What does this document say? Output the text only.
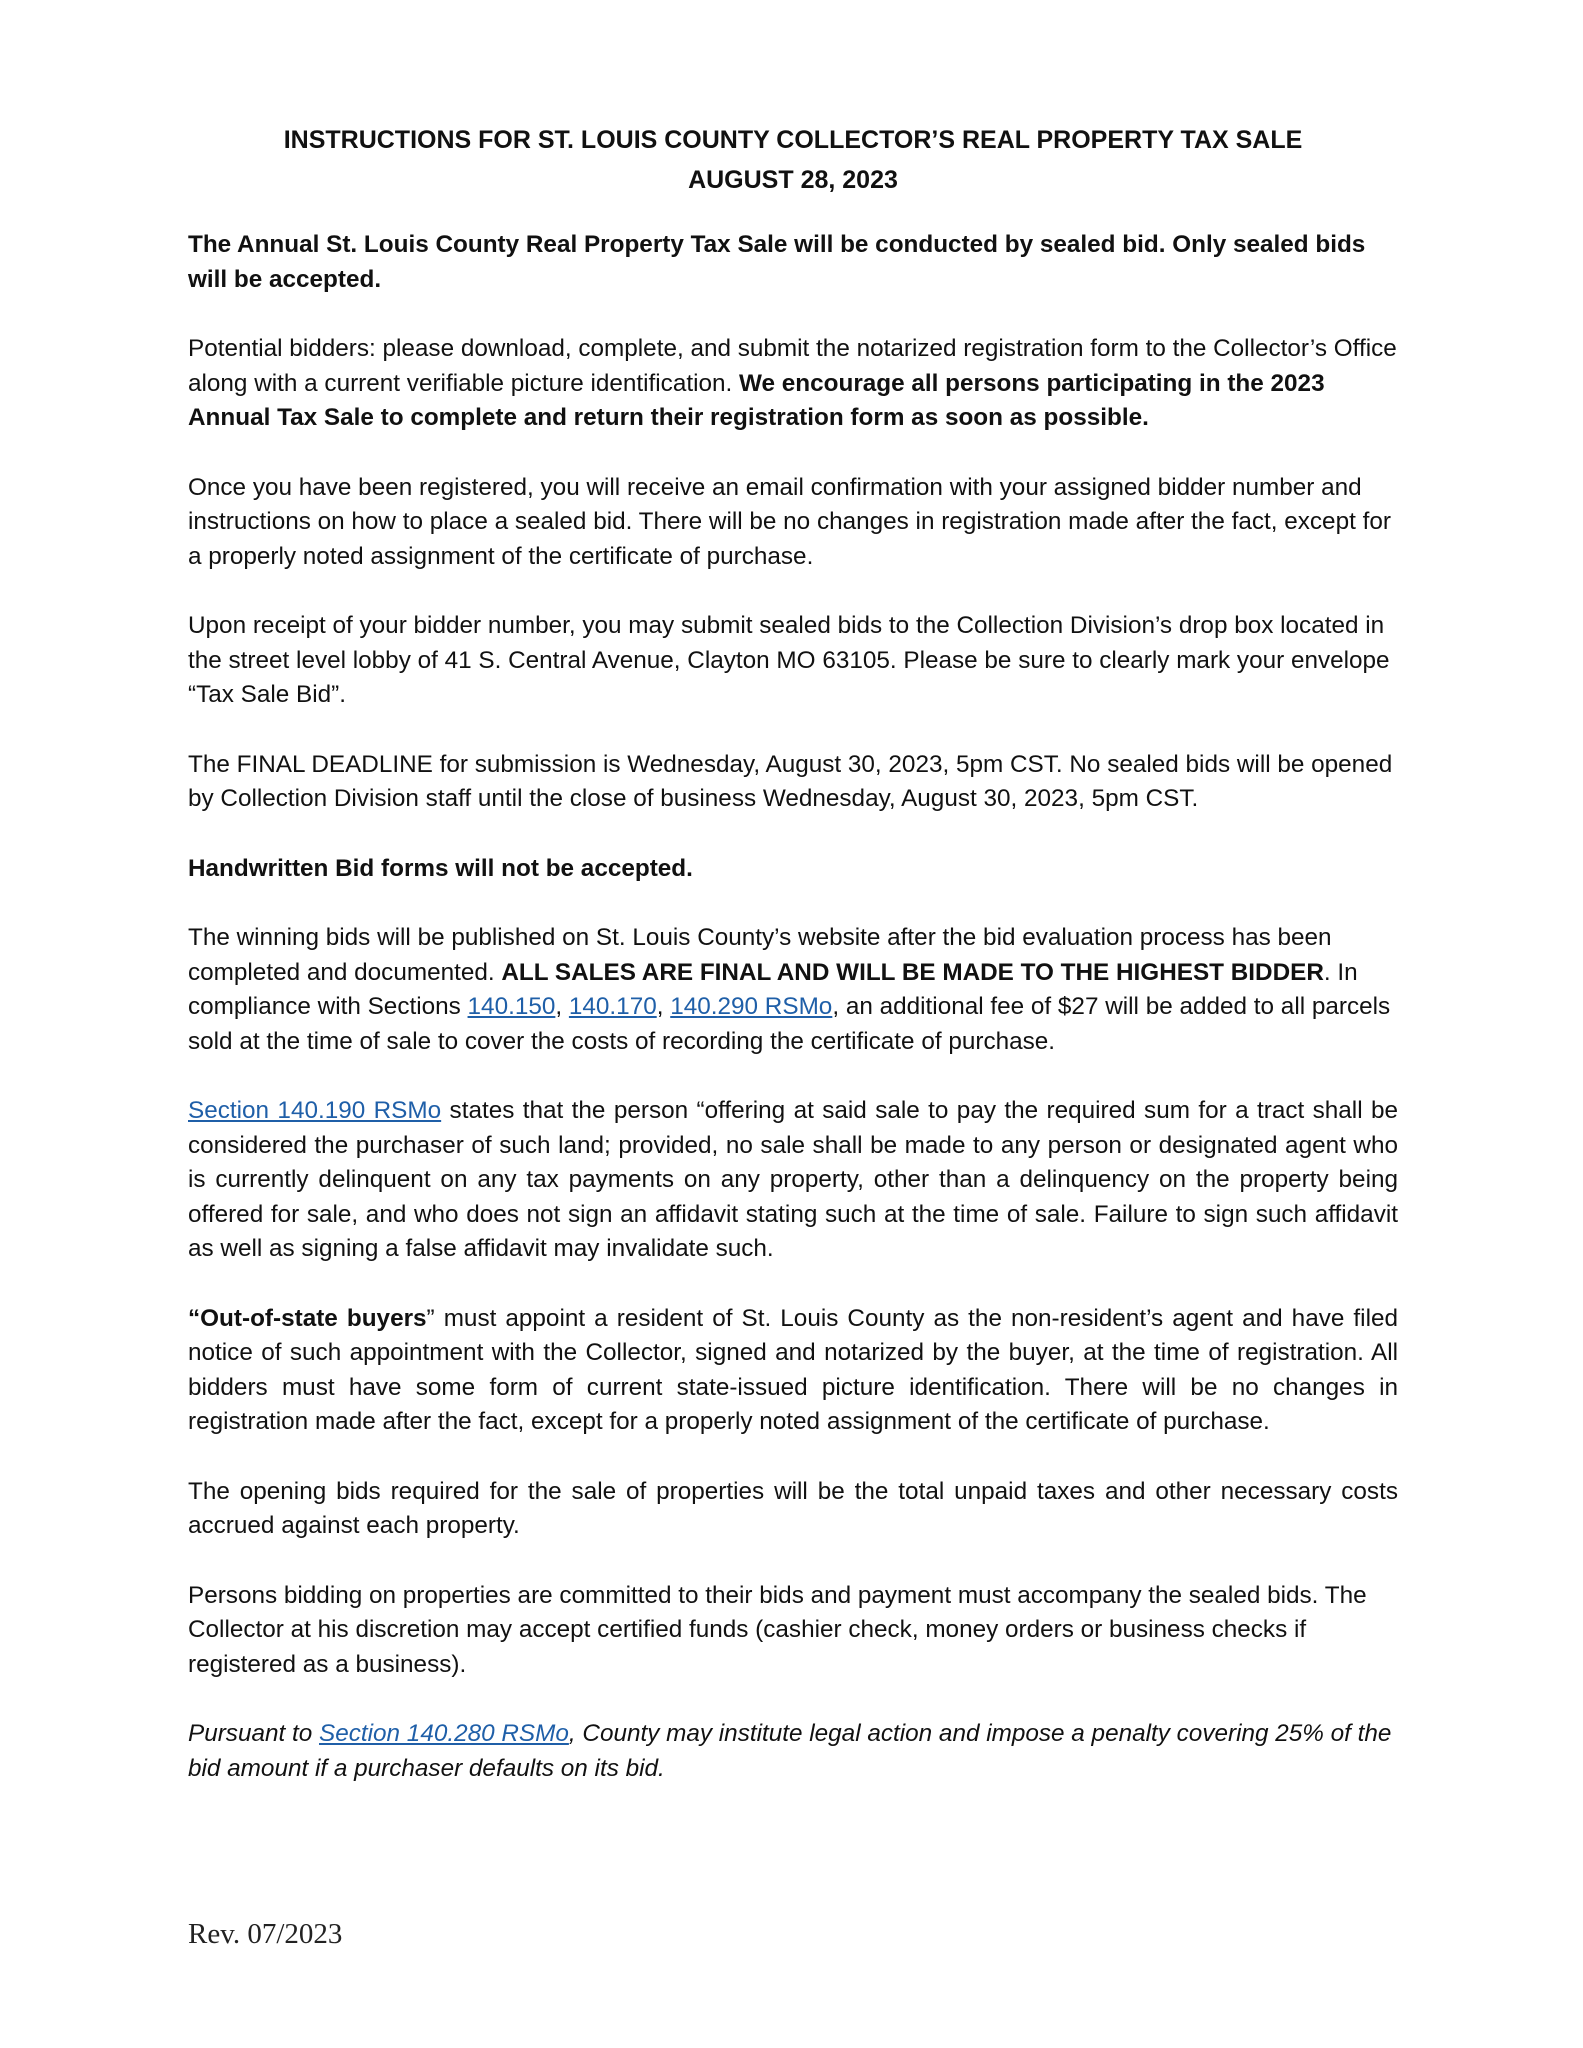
INSTRUCTIONS FOR ST. LOUIS COUNTY COLLECTOR’S REAL PROPERTY TAX SALE
AUGUST 28, 2023

The Annual St. Louis County Real Property Tax Sale will be conducted by sealed bid. Only sealed bids will be accepted.

Potential bidders: please download, complete, and submit the notarized registration form to the Collector’s Office along with a current verifiable picture identification. We encourage all persons participating in the 2023 Annual Tax Sale to complete and return their registration form as soon as possible.

Once you have been registered, you will receive an email confirmation with your assigned bidder number and instructions on how to place a sealed bid. There will be no changes in registration made after the fact, except for a properly noted assignment of the certificate of purchase.

Upon receipt of your bidder number, you may submit sealed bids to the Collection Division’s drop box located in the street level lobby of 41 S. Central Avenue, Clayton MO 63105. Please be sure to clearly mark your envelope “Tax Sale Bid”.

The FINAL DEADLINE for submission is Wednesday, August 30, 2023, 5pm CST. No sealed bids will be opened by Collection Division staff until the close of business Wednesday, August 30, 2023, 5pm CST.

Handwritten Bid forms will not be accepted.

The winning bids will be published on St. Louis County’s website after the bid evaluation process has been completed and documented. ALL SALES ARE FINAL AND WILL BE MADE TO THE HIGHEST BIDDER. In compliance with Sections 140.150, 140.170, 140.290 RSMo, an additional fee of $27 will be added to all parcels sold at the time of sale to cover the costs of recording the certificate of purchase.

Section 140.190 RSMo states that the person “offering at said sale to pay the required sum for a tract shall be considered the purchaser of such land; provided, no sale shall be made to any person or designated agent who is currently delinquent on any tax payments on any property, other than a delinquency on the property being offered for sale, and who does not sign an affidavit stating such at the time of sale. Failure to sign such affidavit as well as signing a false affidavit may invalidate such.

“Out-of-state buyers” must appoint a resident of St. Louis County as the non-resident’s agent and have filed notice of such appointment with the Collector, signed and notarized by the buyer, at the time of registration. All bidders must have some form of current state-issued picture identification. There will be no changes in registration made after the fact, except for a properly noted assignment of the certificate of purchase.

The opening bids required for the sale of properties will be the total unpaid taxes and other necessary costs accrued against each property.

Persons bidding on properties are committed to their bids and payment must accompany the sealed bids. The Collector at his discretion may accept certified funds (cashier check, money orders or business checks if registered as a business).

Pursuant to Section 140.280 RSMo, County may institute legal action and impose a penalty covering 25% of the bid amount if a purchaser defaults on its bid.

Rev. 07/2023
